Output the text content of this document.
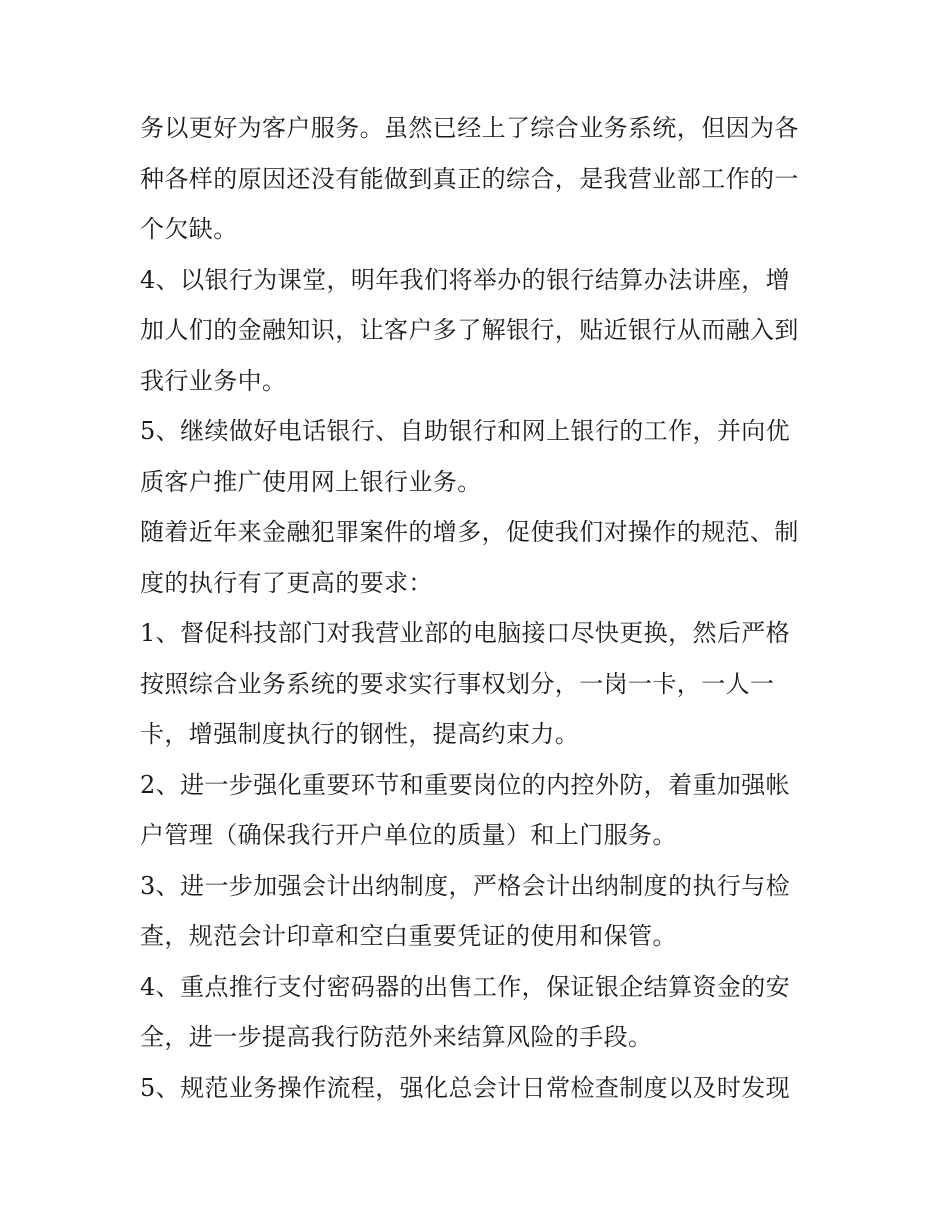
务以更好为客户服务。虽然已经上了综合业务系统，但因为各
种各样的原因还没有能做到真正的综合，是我营业部工作的一
个欠缺。
4、以银行为课堂，明年我们将举办的银行结算办法讲座，增
加人们的金融知识，让客户多了解银行，贴近银行从而融入到
我行业务中。
5、继续做好电话银行、自助银行和网上银行的工作，并向优
质客户推广使用网上银行业务。
随着近年来金融犯罪案件的增多，促使我们对操作的规范、制
度的执行有了更高的要求：
1、督促科技部门对我营业部的电脑接口尽快更换，然后严格
按照综合业务系统的要求实行事权划分，一岗一卡，一人一
卡，增强制度执行的钢性，提高约束力。
2、进一步强化重要环节和重要岗位的内控外防，着重加强帐
户管理（确保我行开户单位的质量）和上门服务。
3、进一步加强会计出纳制度，严格会计出纳制度的执行与检
查，规范会计印章和空白重要凭证的使用和保管。
4、重点推行支付密码器的出售工作，保证银企结算资金的安
全，进一步提高我行防范外来结算风险的手段。
5、规范业务操作流程，强化总会计日常检查制度以及时发现
